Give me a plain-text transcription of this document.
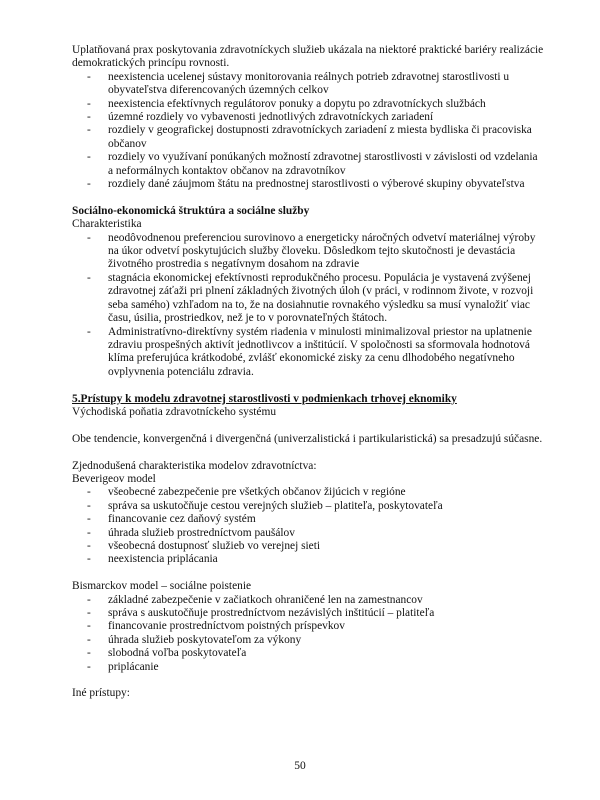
Uplatňovaná prax poskytovania zdravotníckych služieb ukázala na niektoré praktické bariéry realizácie demokratických princípu rovnosti.

- neexistencia ucelenej sústavy monitorovania reálnych potrieb zdravotnej starostlivosti u obyvateľstva diferencovaných územných celkov
- neexistencia efektívnych regulátorov ponuky a dopytu po zdravotníckych službách
- územné rozdiely vo vybavenosti jednotlivých zdravotníckych zariadení
- rozdiely v geografickej dostupnosti zdravotníckych zariadení z miesta bydliska či pracoviska občanov
- rozdiely vo využívaní ponúkaných možností zdravotnej starostlivosti v závislosti od vzdelania a neformálnych kontaktov občanov na zdravotníkov
- rozdiely dané záujmom štátu na prednostnej starostlivosti o výberové skupiny obyvateľstva

Sociálno-ekonomická štruktúra a sociálne služby

Charakteristika

- neodôvodnenou preferenciou surovinovo a energeticky náročných odvetví materiálnej výroby na úkor odvetví poskytujúcich služby človeku. Dôsledkom tejto skutočnosti je devastácia životného prostredia s negatívnym dosahom na zdravie
- stagnácia ekonomickej efektívnosti reprodukčného procesu. Populácia je vystavená zvýšenej zdravotnej záťaži pri plnení základných životných úloh (v práci, v rodinnom živote, v rozvoji seba samého) vzhľadom na to, že na dosiahnutie rovnakého výsledku sa musí vynaložiť viac času, úsilia, prostriedkov, než je to v porovnateľných štátoch.
- Administratívno-direktívny systém riadenia v minulosti minimalizoval priestor na uplatnenie zdraviu prospešných aktivít jednotlivcov a inštitúcií. V spoločnosti sa sformovala hodnotová klíma preferujúca krátkodobé, zvlášť ekonomické zisky za cenu dlhodobého negatívneho ovplyvnenia potenciálu zdravia.

5.Prístupy k modelu zdravotnej starostlivosti v podmienkach trhovej eknomiky

Východiská poňatia zdravotníckeho systému

Obe tendencie, konvergenčná i divergenčná (univerzalistická i partikularistická) sa presadzujú súčasne.

Zjednodušená charakteristika modelov zdravotníctva:

Beverigeov model

- všeobecné zabezpečenie pre všetkých občanov žijúcich v regióne
- správa sa uskutočňuje cestou verejných služieb – platiteľa, poskytovateľa
- financovanie cez daňový systém
- úhrada služieb prostredníctvom paušálov
- všeobecná dostupnosť služieb vo verejnej sieti
- neexistencia priplácania

Bismarckov model – sociálne poistenie

- základné zabezpečenie v začiatkoch ohraničené len na zamestnancov
- správa s auskutočňuje prostredníctvom nezávislých inštitúcií – platiteľa
- financovanie prostredníctvom poistných príspevkov
- úhrada služieb poskytovateľom za výkony
- slobodná voľba poskytovateľa
- priplácanie

Iné prístupy:

50
